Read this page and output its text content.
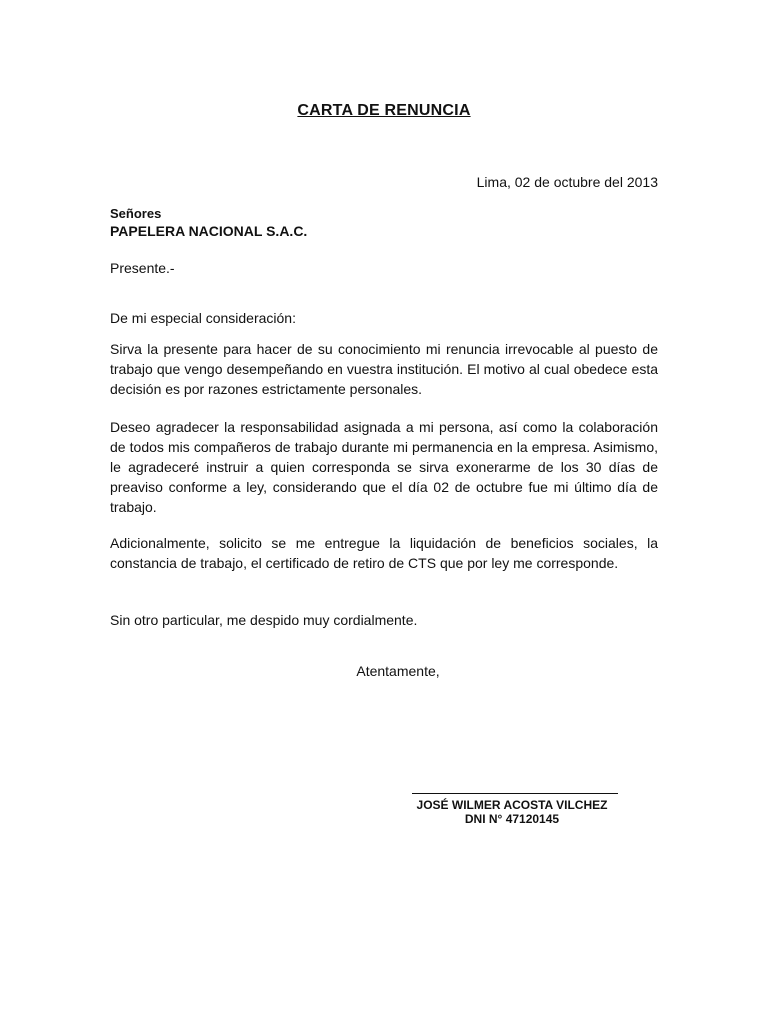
CARTA DE RENUNCIA
Lima, 02 de octubre del 2013
Señores
PAPELERA NACIONAL S.A.C.
Presente.-
De mi especial consideración:
Sirva la presente para hacer de su conocimiento mi renuncia irrevocable al puesto de trabajo que vengo desempeñando en vuestra institución. El motivo al cual obedece esta decisión es por razones estrictamente personales.
Deseo agradecer la responsabilidad asignada a mi persona, así como la colaboración de todos mis compañeros de trabajo durante mi permanencia en la empresa. Asimismo, le agradeceré instruir a quien corresponda se sirva exonerarme de los 30 días de preaviso conforme a ley, considerando que el día 02 de octubre fue mi último día de trabajo.
Adicionalmente, solicito se me entregue la liquidación de beneficios sociales, la constancia de trabajo, el certificado de retiro de CTS que por ley me corresponde.
Sin otro particular, me despido muy cordialmente.
Atentamente,
JOSÉ WILMER ACOSTA VILCHEZ
DNI N° 47120145
